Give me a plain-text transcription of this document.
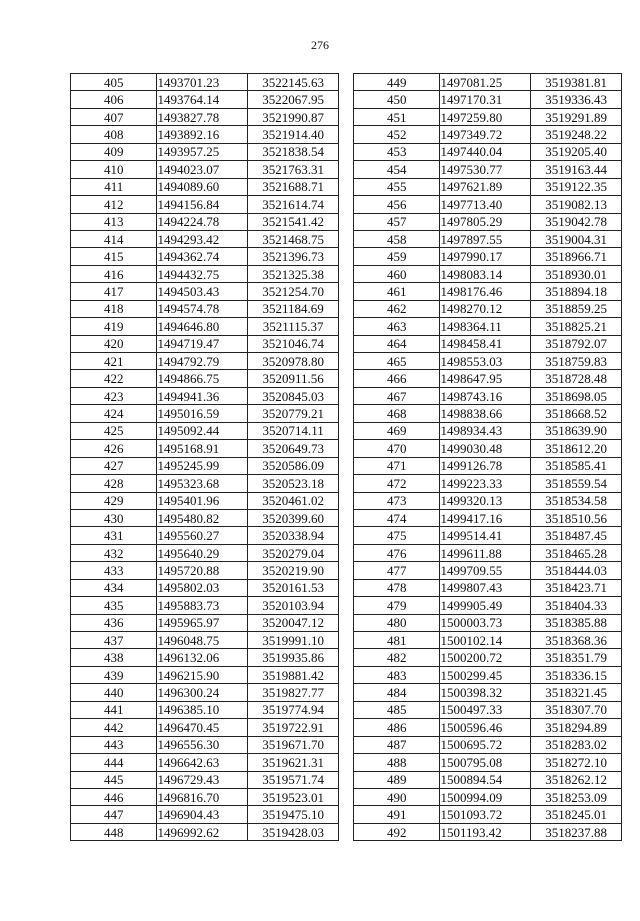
276
405	1493701.23	3522145.63
406	1493764.14	3522067.95
407	1493827.78	3521990.87
408	1493892.16	3521914.40
409	1493957.25	3521838.54
410	1494023.07	3521763.31
411	1494089.60	3521688.71
412	1494156.84	3521614.74
413	1494224.78	3521541.42
414	1494293.42	3521468.75
415	1494362.74	3521396.73
416	1494432.75	3521325.38
417	1494503.43	3521254.70
418	1494574.78	3521184.69
419	1494646.80	3521115.37
420	1494719.47	3521046.74
421	1494792.79	3520978.80
422	1494866.75	3520911.56
423	1494941.36	3520845.03
424	1495016.59	3520779.21
425	1495092.44	3520714.11
426	1495168.91	3520649.73
427	1495245.99	3520586.09
428	1495323.68	3520523.18
429	1495401.96	3520461.02
430	1495480.82	3520399.60
431	1495560.27	3520338.94
432	1495640.29	3520279.04
433	1495720.88	3520219.90
434	1495802.03	3520161.53
435	1495883.73	3520103.94
436	1495965.97	3520047.12
437	1496048.75	3519991.10
438	1496132.06	3519935.86
439	1496215.90	3519881.42
440	1496300.24	3519827.77
441	1496385.10	3519774.94
442	1496470.45	3519722.91
443	1496556.30	3519671.70
444	1496642.63	3519621.31
445	1496729.43	3519571.74
446	1496816.70	3519523.01
447	1496904.43	3519475.10
448	1496992.62	3519428.03
449	1497081.25	3519381.81
450	1497170.31	3519336.43
451	1497259.80	3519291.89
452	1497349.72	3519248.22
453	1497440.04	3519205.40
454	1497530.77	3519163.44
455	1497621.89	3519122.35
456	1497713.40	3519082.13
457	1497805.29	3519042.78
458	1497897.55	3519004.31
459	1497990.17	3518966.71
460	1498083.14	3518930.01
461	1498176.46	3518894.18
462	1498270.12	3518859.25
463	1498364.11	3518825.21
464	1498458.41	3518792.07
465	1498553.03	3518759.83
466	1498647.95	3518728.48
467	1498743.16	3518698.05
468	1498838.66	3518668.52
469	1498934.43	3518639.90
470	1499030.48	3518612.20
471	1499126.78	3518585.41
472	1499223.33	3518559.54
473	1499320.13	3518534.58
474	1499417.16	3518510.56
475	1499514.41	3518487.45
476	1499611.88	3518465.28
477	1499709.55	3518444.03
478	1499807.43	3518423.71
479	1499905.49	3518404.33
480	1500003.73	3518385.88
481	1500102.14	3518368.36
482	1500200.72	3518351.79
483	1500299.45	3518336.15
484	1500398.32	3518321.45
485	1500497.33	3518307.70
486	1500596.46	3518294.89
487	1500695.72	3518283.02
488	1500795.08	3518272.10
489	1500894.54	3518262.12
490	1500994.09	3518253.09
491	1501093.72	3518245.01
492	1501193.42	3518237.88
